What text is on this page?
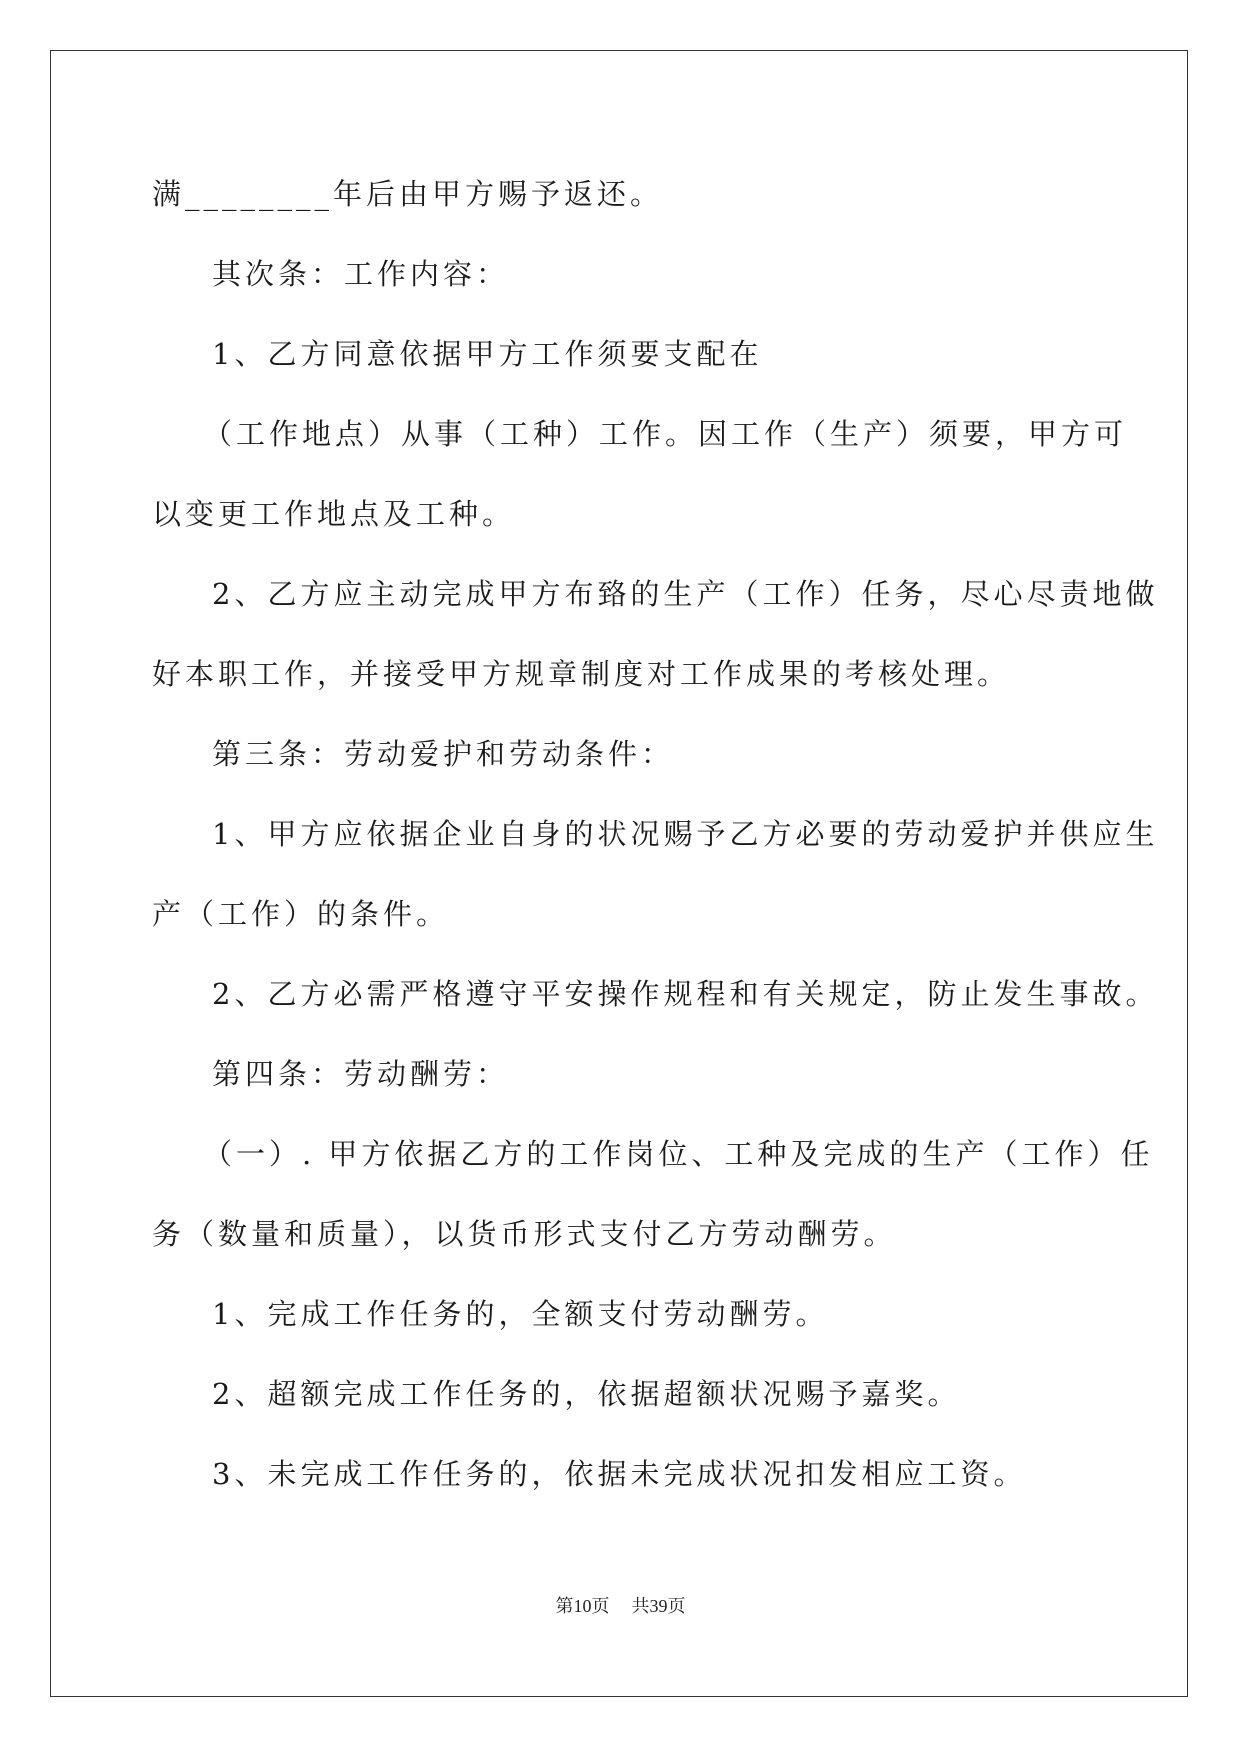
满________年后由甲方赐予返还。
其次条：工作内容：
1、乙方同意依据甲方工作须要支配在
（工作地点）从事（工种）工作。因工作（生产）须要，甲方可
以变更工作地点及工种。
2、乙方应主动完成甲方布臵的生产（工作）任务，尽心尽责地做
好本职工作，并接受甲方规章制度对工作成果的考核处理。
第三条：劳动爱护和劳动条件：
1、甲方应依据企业自身的状况赐予乙方必要的劳动爱护并供应生
产（工作）的条件。
2、乙方必需严格遵守平安操作规程和有关规定，防止发生事故。
第四条：劳动酬劳：
（一）. 甲方依据乙方的工作岗位、工种及完成的生产（工作）任
务（数量和质量），以货币形式支付乙方劳动酬劳。
1、完成工作任务的，全额支付劳动酬劳。
2、超额完成工作任务的，依据超额状况赐予嘉奖。
3、未完成工作任务的，依据未完成状况扣发相应工资。
第10页 共39页
